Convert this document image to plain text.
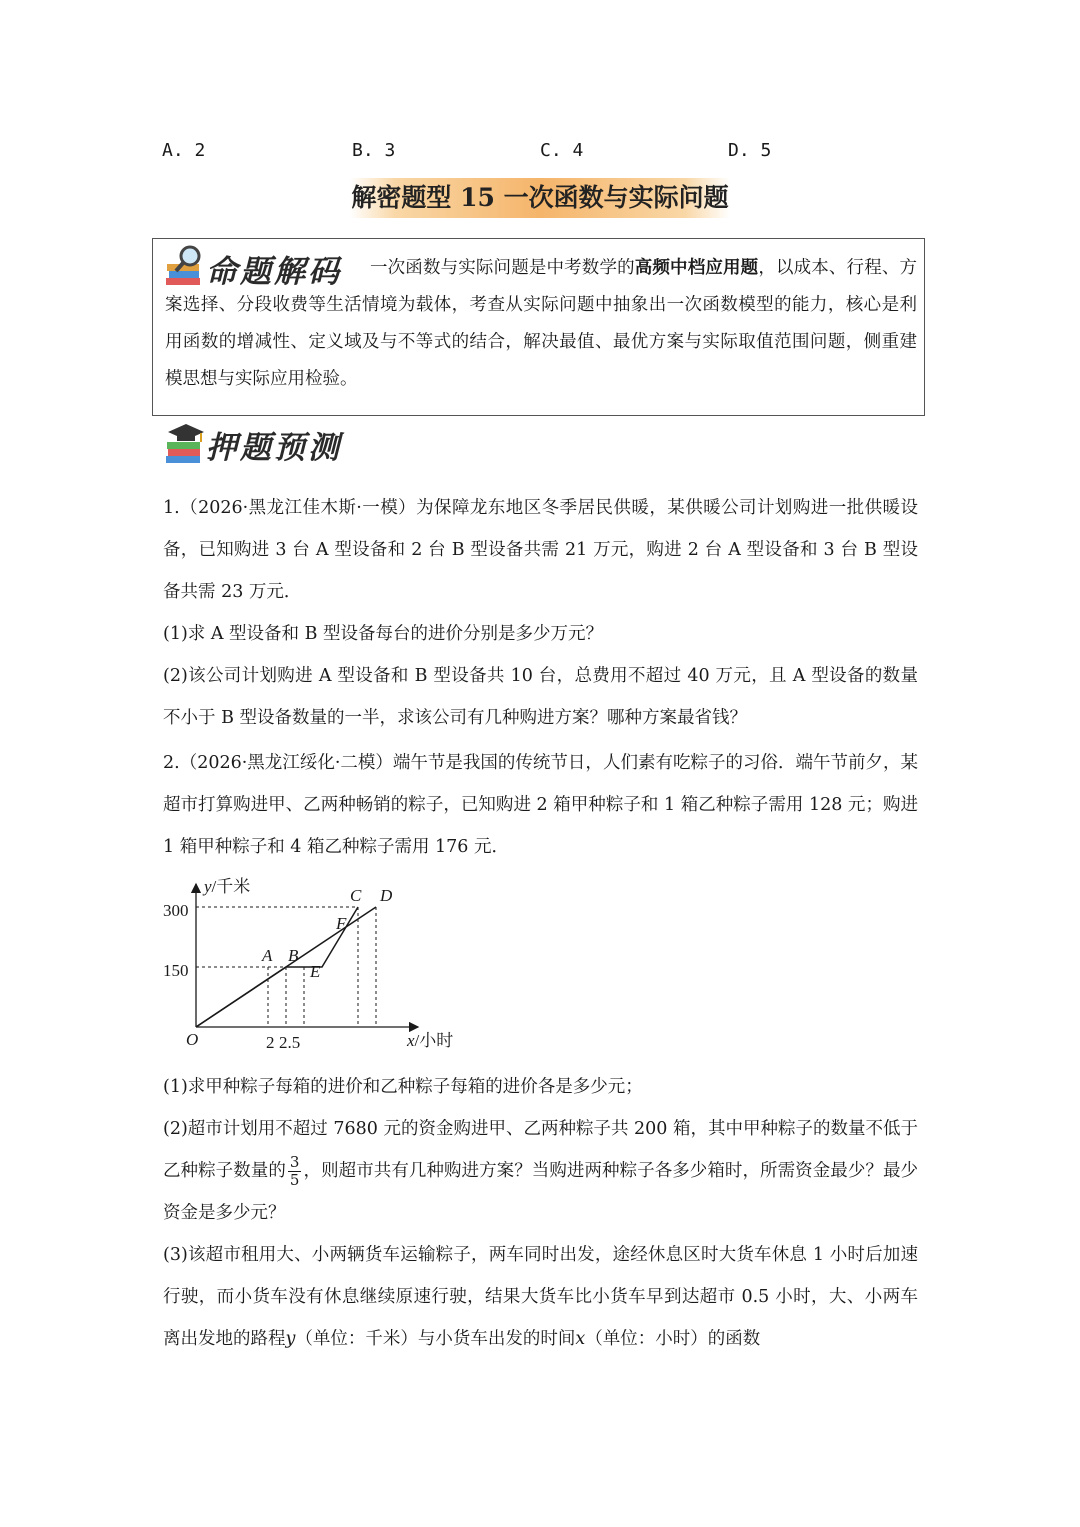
A. 2	B. 3	C. 4	D. 5
解密题型 15 一次函数与实际问题
命题解码	一次函数与实际问题是中考数学的高频中档应用题，以成本、行程、方案选择、分段收费等生活情境为载体，考查从实际问题中抽象出一次函数模型的能力，核心是利用函数的增减性、定义域及与不等式的结合，解决最值、最优方案与实际取值范围问题，侧重建模思想与实际应用检验。

押题预测

1.（2026·黑龙江佳木斯·一模）为保障龙东地区冬季居民供暖，某供暖公司计划购进一批供暖设备，已知购进 3 台 A 型设备和 2 台 B 型设备共需 21 万元，购进 2 台 A 型设备和 3 台 B 型设备共需 23 万元．

(1)求 A 型设备和 B 型设备每台的进价分别是多少万元？

(2)该公司计划购进 A 型设备和 B 型设备共 10 台，总费用不超过 40 万元，且 A 型设备的数量不小于 B 型设备数量的一半，求该公司有几种购进方案？哪种方案最省钱？

2.（2026·黑龙江绥化·二模）端午节是我国的传统节日，人们素有吃粽子的习俗．端午节前夕，某超市打算购进甲、乙两种畅销的粽子，已知购进 2 箱甲种粽子和 1 箱乙种粽子需用 128 元；购进 1 箱甲种粽子和 4 箱乙种粽子需用 176 元．

A B
E
F
C D
y/千米
x/小时
O
300
150
2 2.5

(1)求甲种粽子每箱的进价和乙种粽子每箱的进价各是多少元；

(2)超市计划用不超过 7680 元的资金购进甲、乙两种粽子共 200 箱，其中甲种粽子的数量不低于乙种粽子数量的 $\frac{3}{5}$ ，则超市共有几种购进方案？当购进两种粽子各多少箱时，所需资金最少？最少资金是多少元？

(3)该超市租用大、小两辆货车运输粽子，两车同时出发，途经休息区时大货车休息 1 小时后加速行驶，而小货车没有休息继续原速行驶，结果大货车比小货车早到达超市 0.5 小时，大、小两车离出发地的路程y（单位：千米）与小货车出发的时间x（单位：小时）的函数
